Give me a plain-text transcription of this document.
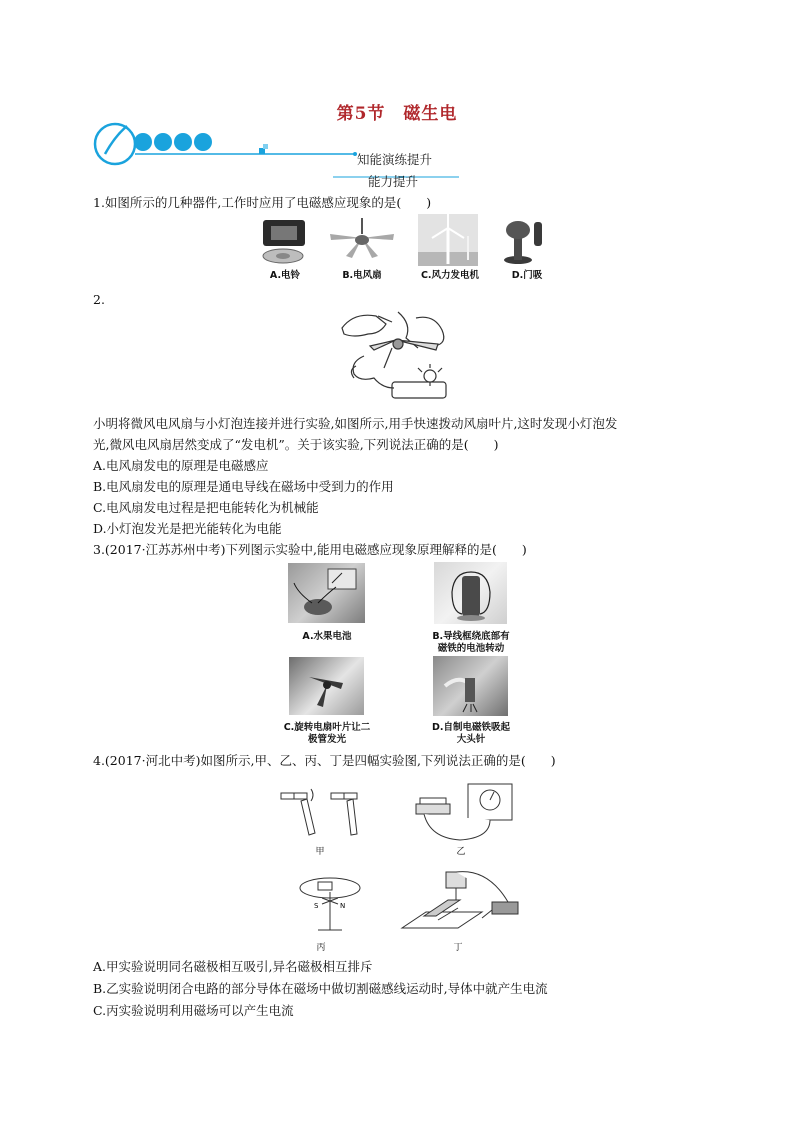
第5节　磁生电
知能演练提升
能力提升
1.如图所示的几种器件,工作时应用了电磁感应现象的是(　　)
A.电铃	B.电风扇	C.风力发电机	D.门吸
2.
小明将微风电风扇与小灯泡连接并进行实验,如图所示,用手快速拨动风扇叶片,这时发现小灯泡发
光,微风电风扇居然变成了“发电机”。关于该实验,下列说法正确的是(　　)
A.电风扇发电的原理是电磁感应
B.电风扇发电的原理是通电导线在磁场中受到力的作用
C.电风扇发电过程是把电能转化为机械能
D.小灯泡发光是把光能转化为电能
3.(2017·江苏苏州中考)下列图示实验中,能用电磁感应现象原理解释的是(　　)
A.水果电池	B.导线框绕底部有
磁铁的电池转动
C.旋转电扇叶片让二
极管发光
D.自制电磁铁吸起
大头针
4.(2017·河北中考)如图所示,甲、乙、丙、丁是四幅实验图,下列说法正确的是(　　)
甲	乙
S	N
丙	丁
A.甲实验说明同名磁极相互吸引,异名磁极相互排斥
B.乙实验说明闭合电路的部分导体在磁场中做切割磁感线运动时,导体中就产生电流
C.丙实验说明利用磁场可以产生电流
